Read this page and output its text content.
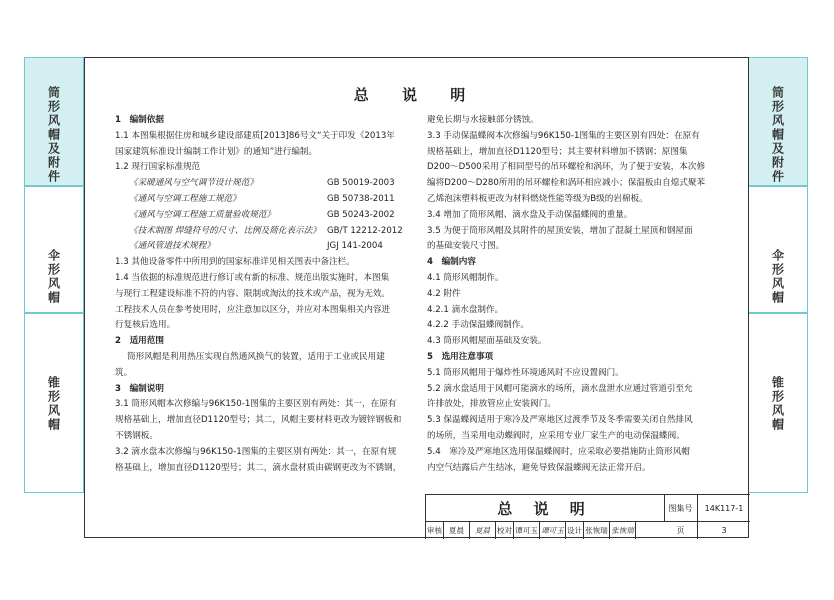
筒形风帽及附件
伞形风帽
锥形风帽
筒形风帽及附件
伞形风帽
锥形风帽
总 说 明
1　编制依据
1.1 本图集根据住房和城乡建设部建质[2013]86号文“关于印发《2013年
国家建筑标准设计编制工作计划》的通知”进行编制。
1.2 现行国家标准规范
《采暖通风与空气调节设计规范》	GB 50019-2003
《通风与空调工程施工规范》	GB 50738-2011
《通风与空调工程施工质量验收规范》	GB 50243-2002
《技术制图 焊缝符号的尺寸、比例及简化表示法》 GB/T 12212-2012
《通风管道技术规程》	JGJ 141-2004
1.3 其他设备零件中所用到的国家标准详见相关图表中备注栏。
1.4 当依据的标准规范进行修订或有新的标准、规范出版实施时，本图集
与现行工程建设标准不符的内容、限制或淘汰的技术或产品，视为无效。
工程技术人员在参考使用时，应注意加以区分，并应对本图集相关内容进
行复核后选用。
2　适用范围
筒形风帽是利用热压实现自然通风换气的装置，适用于工业或民用建
筑。
3　编制说明
3.1 筒形风帽本次修编与96K150-1图集的主要区别有两处：其一，在原有
规格基础上，增加直径D1120型号；其二，风帽主要材料更改为镀锌钢板和
不锈钢板。
3.2 滴水盘本次修编与96K150-1图集的主要区别有两处：其一，在原有规
格基础上，增加直径D1120型号；其二，滴水盘材质由碳钢更改为不锈钢，
避免长期与水接触部分锈蚀。
3.3 手动保温蝶阀本次修编与96K150-1图集的主要区别有四处：在原有
规格基础上，增加直径D1120型号；其主要材料增加不锈钢；原图集
D200～D500采用了相同型号的吊环螺栓和涡环，为了便于安装，本次修
编将D200～D280所用的吊环螺栓和涡环相应减小；保温板由自熄式聚苯
乙烯泡沫塑料板更改为材料燃烧性能等级为B级的岩棉板。
3.4 增加了筒形风帽、滴水盘及手动保温蝶阀的重量。
3.5 为便于筒形风帽及其附件的屋顶安装，增加了混凝土屋顶和钢屋面
的基础安装尺寸图。
4　编制内容
4.1 筒形风帽制作。
4.2 附件
4.2.1 滴水盘制作。
4.2.2 手动保温蝶阀制作。
4.3 筒形风帽屋面基础及安装。
5　选用注意事项
5.1 筒形风帽用于爆炸性环境通风时不应设置阀门。
5.2 滴水盘适用于风帽可能滴水的场所，滴水盘泄水应通过管道引至允
许排放处，排放管应止安装阀门。
5.3 保温蝶阀适用于寒冷及严寒地区过渡季节及冬季需要关闭自然排风
的场所，当采用电动蝶阀时，应采用专业厂家生产的电动保温蝶阀。
5.4　寒冷及严寒地区选用保温蝶阀时，应采取必要措施防止筒形风帽
内空气结露后产生结冰，避免导致保温蝶阀无法正常开启。
总 说 明	图集号	14K117-1
审核 夏晨	夏晨 校对 谭可玉 谭可玉 设计 张恢瑞 张恢瑞	页	3
